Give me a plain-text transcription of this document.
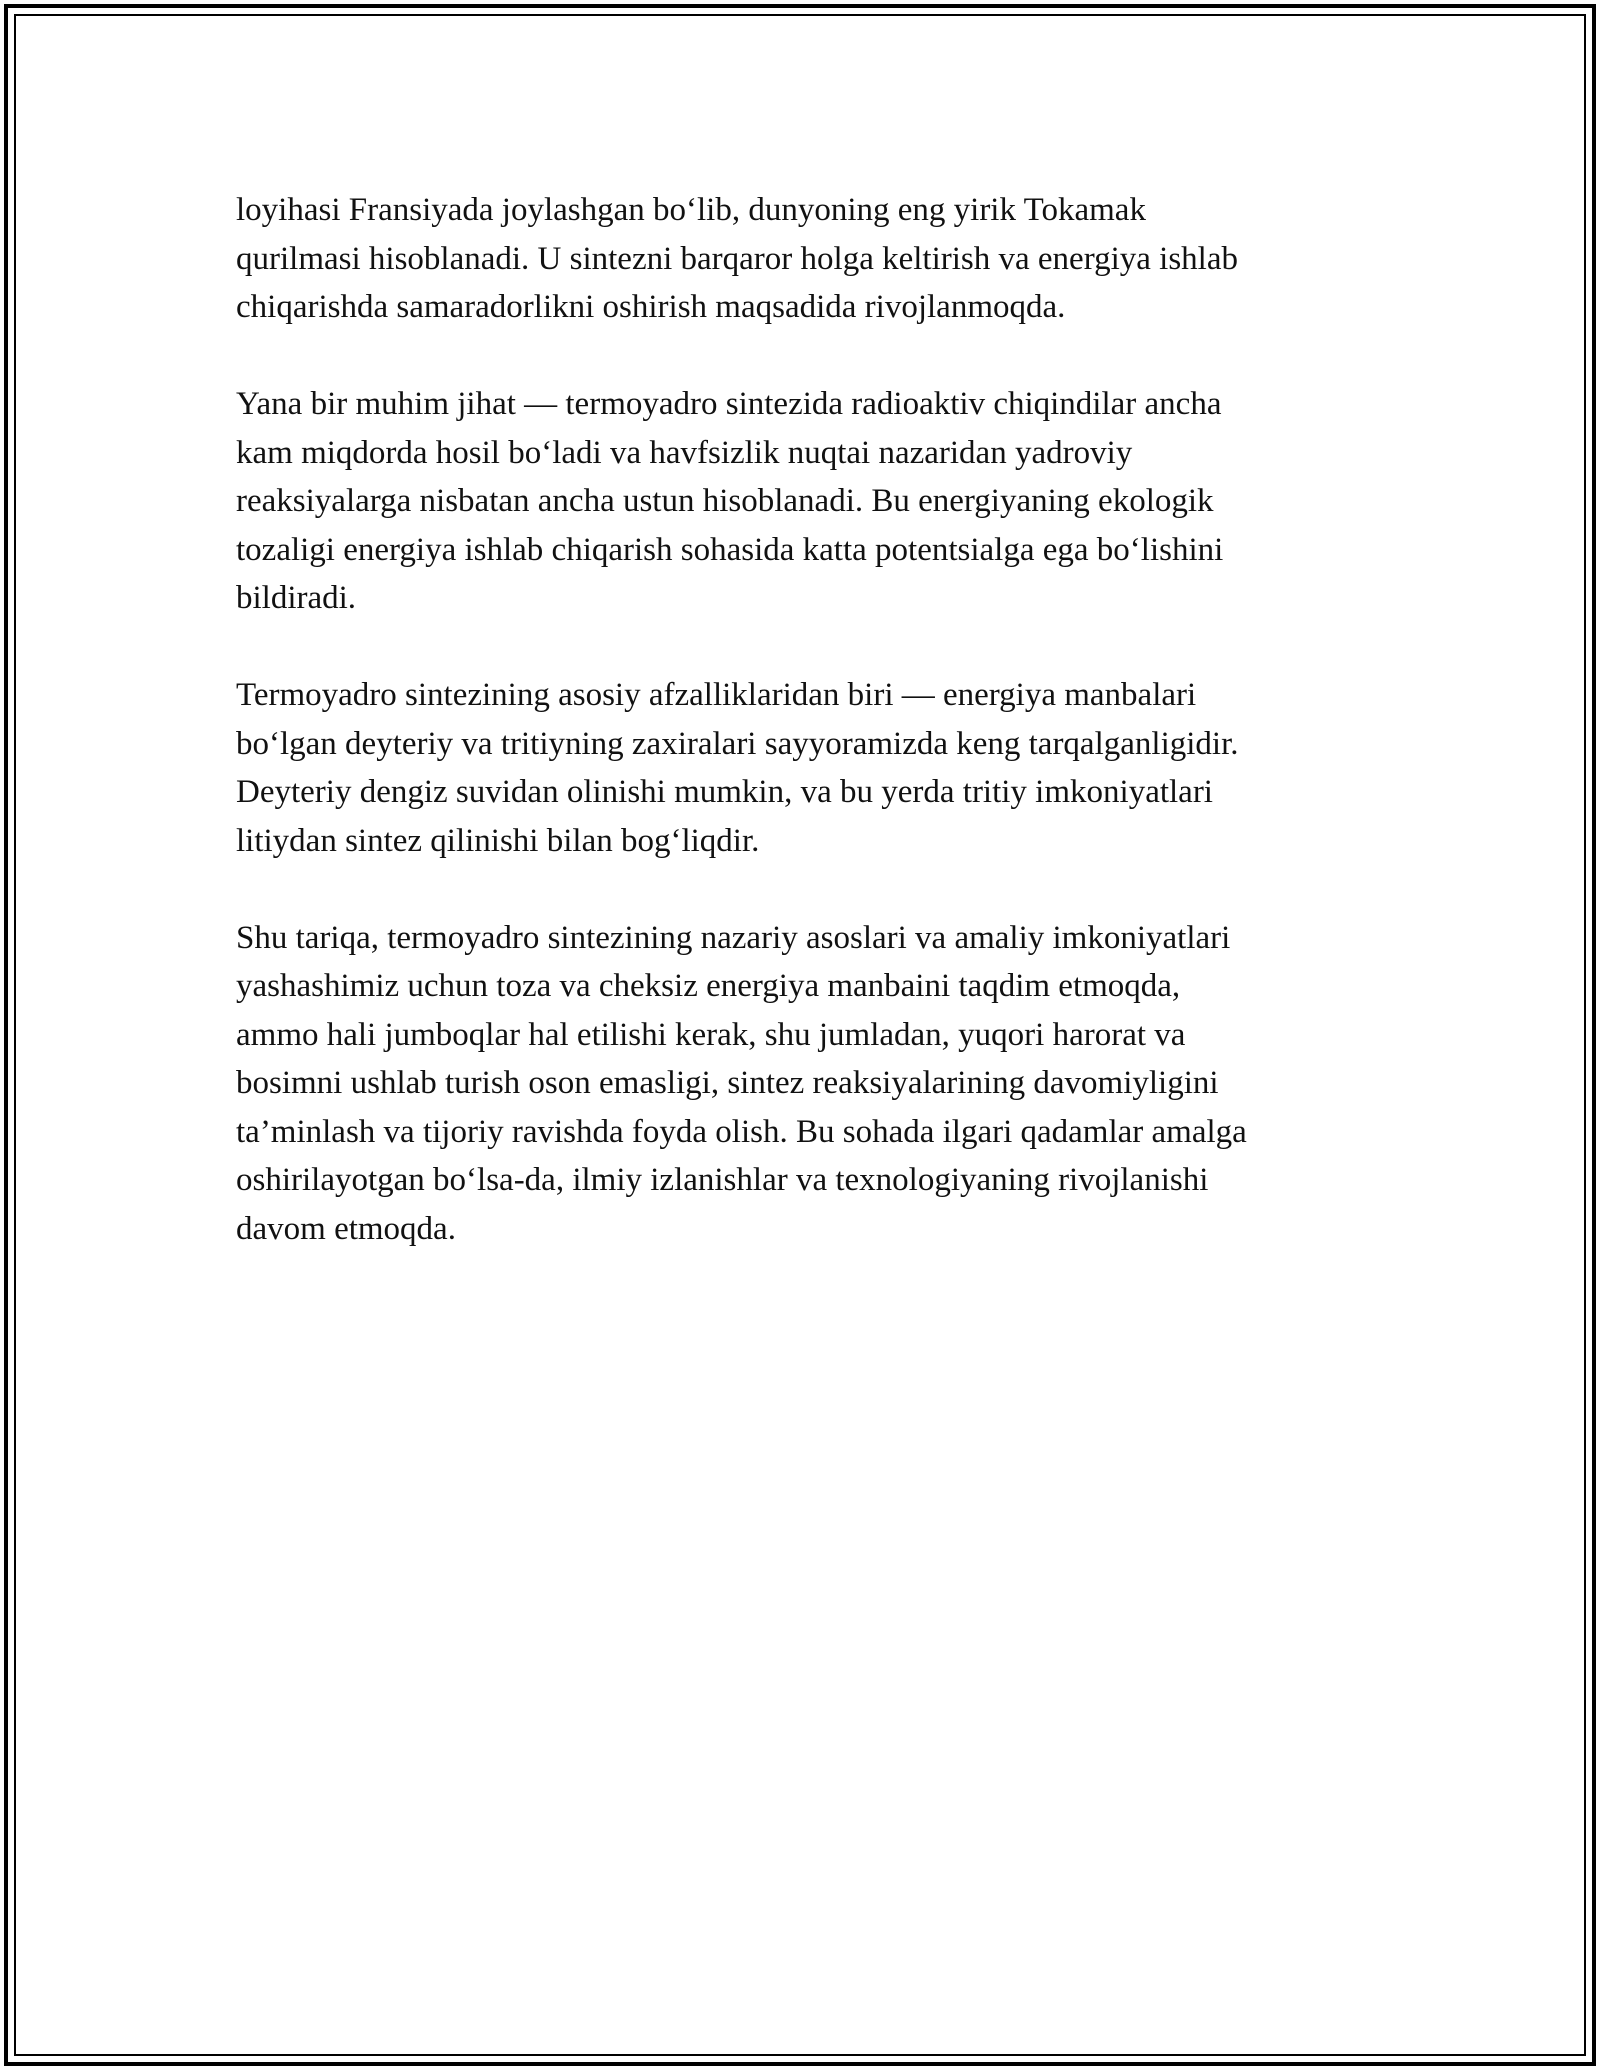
loyihasi Fransiyada joylashgan bo‘lib, dunyoning eng yirik Tokamak
qurilmasi hisoblanadi. U sintezni barqaror holga keltirish va energiya ishlab
chiqarishda samaradorlikni oshirish maqsadida rivojlanmoqda.

Yana bir muhim jihat — termoyadro sintezida radioaktiv chiqindilar ancha
kam miqdorda hosil bo‘ladi va havfsizlik nuqtai nazaridan yadroviy
reaksiyalarga nisbatan ancha ustun hisoblanadi. Bu energiyaning ekologik
tozaligi energiya ishlab chiqarish sohasida katta potentsialga ega bo‘lishini
bildiradi.

Termoyadro sintezining asosiy afzalliklaridan biri — energiya manbalari
bo‘lgan deyteriy va tritiyning zaxiralari sayyoramizda keng tarqalganligidir.
Deyteriy dengiz suvidan olinishi mumkin, va bu yerda tritiy imkoniyatlari
litiydan sintez qilinishi bilan bog‘liqdir.

Shu tariqa, termoyadro sintezining nazariy asoslari va amaliy imkoniyatlari
yashashimiz uchun toza va cheksiz energiya manbaini taqdim etmoqda,
ammo hali jumboqlar hal etilishi kerak, shu jumladan, yuqori harorat va
bosimni ushlab turish oson emasligi, sintez reaksiyalarining davomiyligini
ta’minlash va tijoriy ravishda foyda olish. Bu sohada ilgari qadamlar amalga
oshirilayotgan bo‘lsa-da, ilmiy izlanishlar va texnologiyaning rivojlanishi
davom etmoqda.
